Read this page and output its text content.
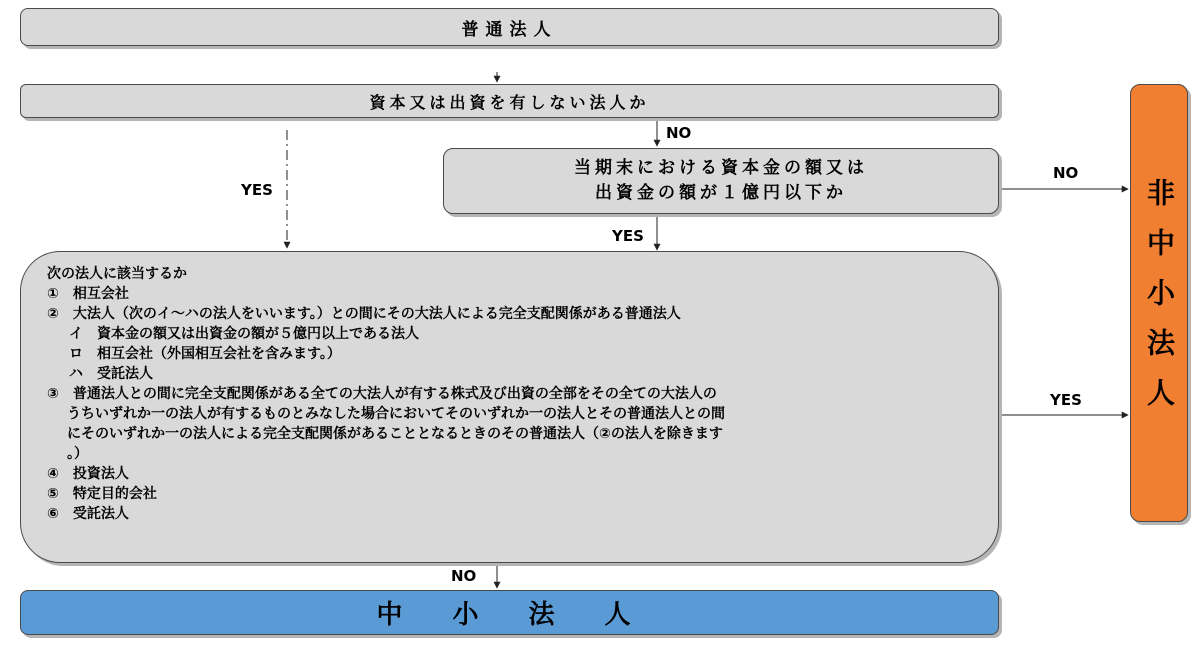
普通法人
資本又は出資を有しない法人か
当期末における資本金の額又は
出資金の額が１億円以下か
次の法人に該当するか
①　相互会社
②　大法人（次のイ～ハの法人をいいます。）との間にその大法人による完全支配関係がある普通法人
イ　資本金の額又は出資金の額が５億円以上である法人
ロ　相互会社（外国相互会社を含みます。）
ハ　受託法人
③　普通法人との間に完全支配関係がある全ての大法人が有する株式及び出資の全部をその全ての大法人の
うちいずれか一の法人が有するものとみなした場合においてそのいずれか一の法人とその普通法人との間
にそのいずれか一の法人による完全支配関係があることとなるときのその普通法人（②の法人を除きます
。）
④　投資法人
⑤　特定目的会社
⑥　受託法人
非中小法人
中　小　法　人
NO
YES
NO
YES
YES
NO
